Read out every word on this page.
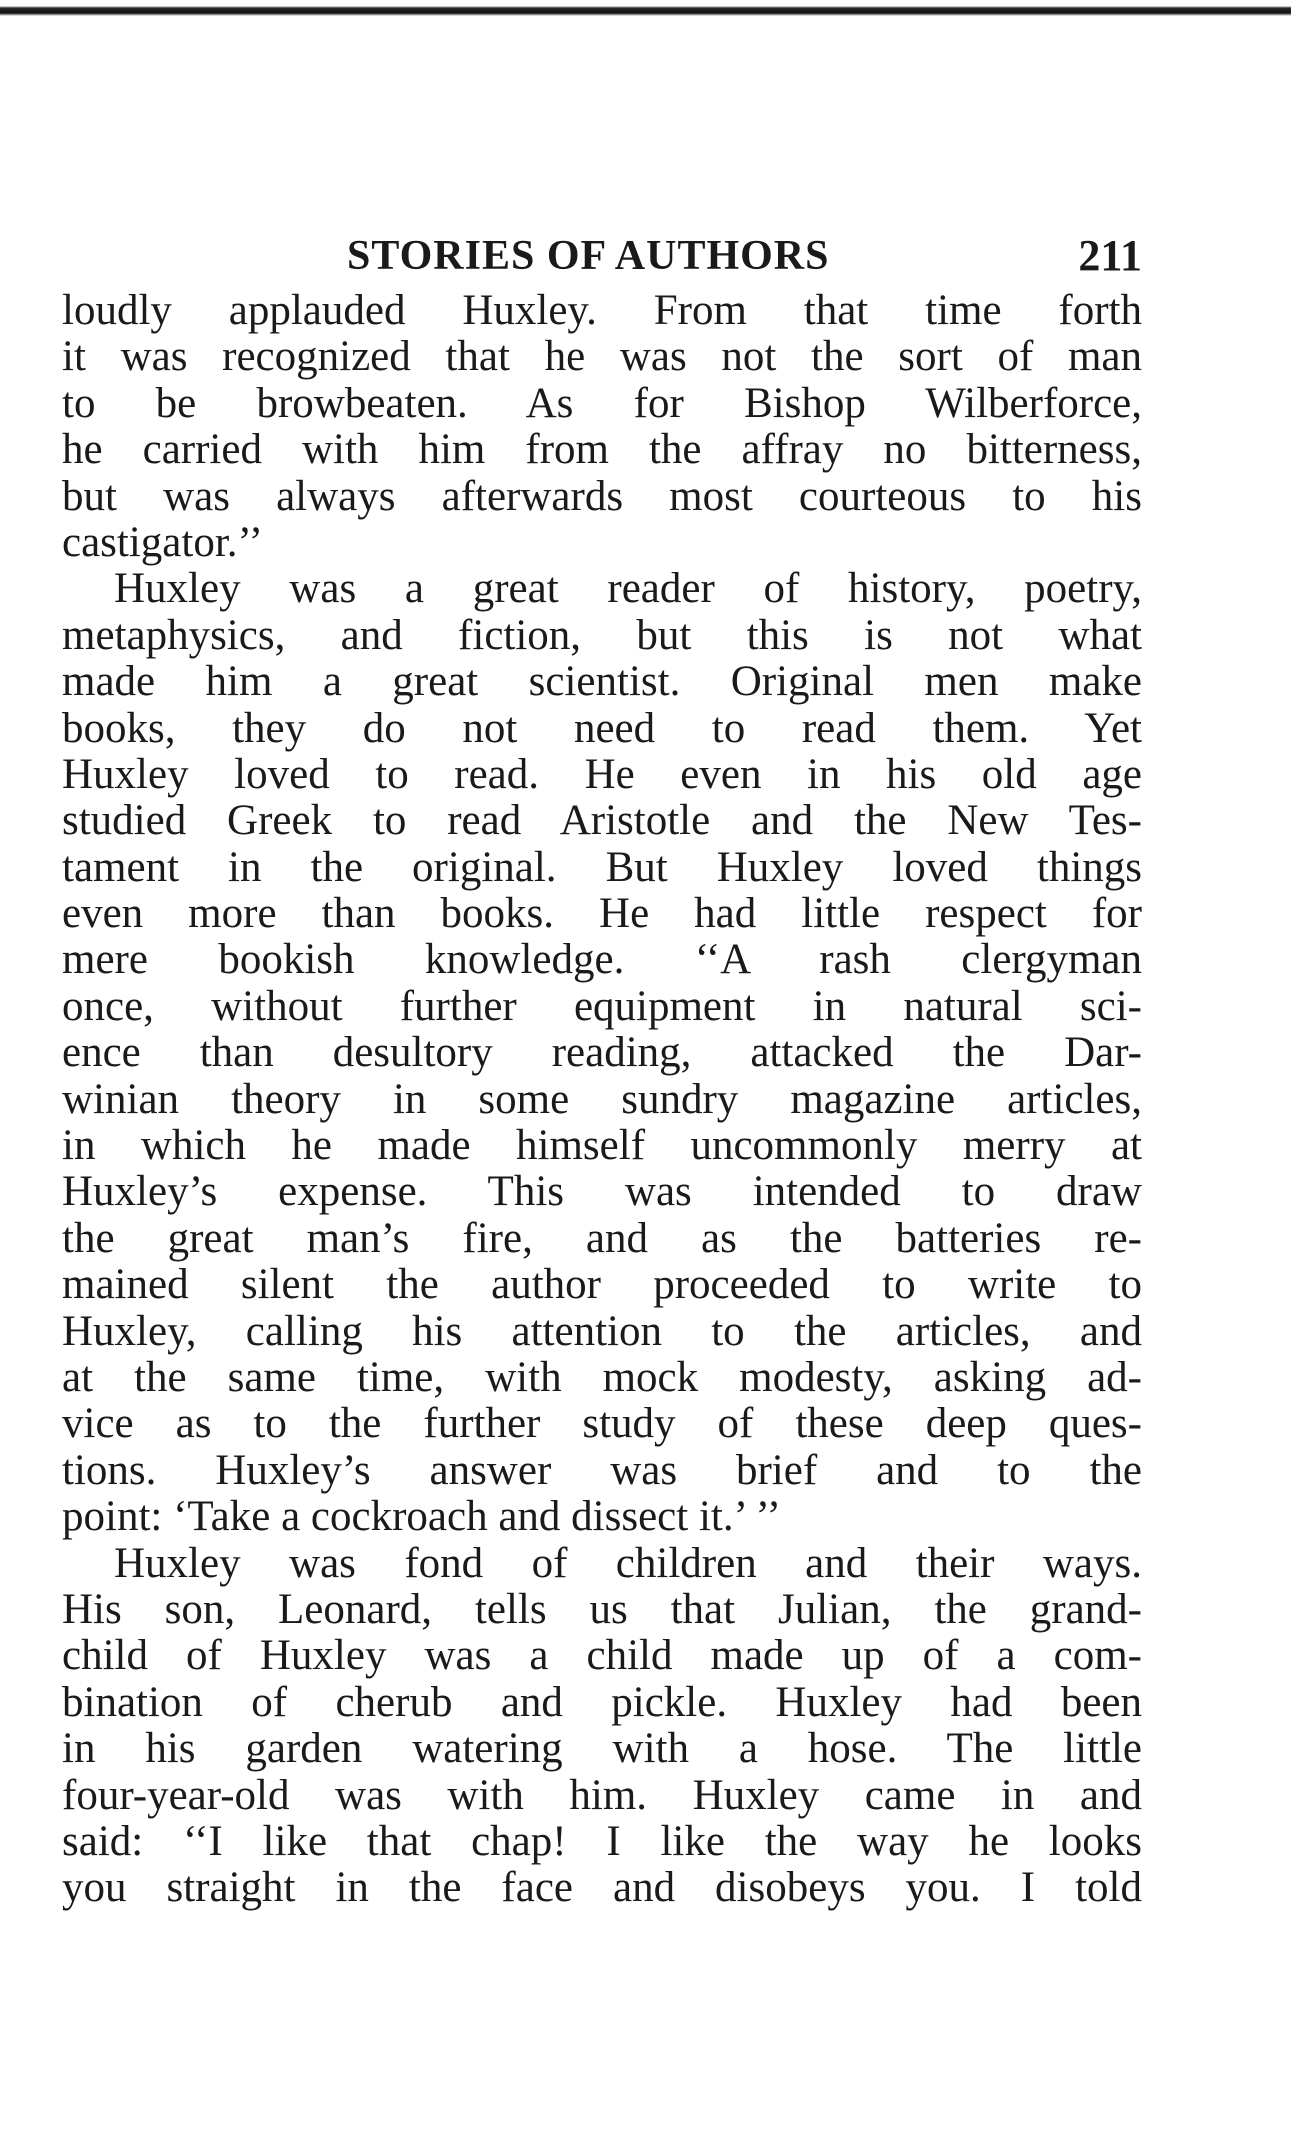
STORIES OF AUTHORS	211
loudly applauded Huxley. From that time forth
it was recognized that he was not the sort of man
to be browbeaten. As for Bishop Wilberforce,
he carried with him from the affray no bitterness,
but was always afterwards most courteous to his
castigator.’’
Huxley was a great reader of history, poetry,
metaphysics, and fiction, but this is not what
made him a great scientist. Original men make
books, they do not need to read them. Yet
Huxley loved to read. He even in his old age
studied Greek to read Aristotle and the New Tes-
tament in the original. But Huxley loved things
even more than books. He had little respect for
mere bookish knowledge. ‘‘A rash clergyman
once, without further equipment in natural sci-
ence than desultory reading, attacked the Dar-
winian theory in some sundry magazine articles,
in which he made himself uncommonly merry at
Huxley’s expense. This was intended to draw
the great man’s fire, and as the batteries re-
mained silent the author proceeded to write to
Huxley, calling his attention to the articles, and
at the same time, with mock modesty, asking ad-
vice as to the further study of these deep ques-
tions. Huxley’s answer was brief and to the
point: ‘Take a cockroach and dissect it.’ ’’
Huxley was fond of children and their ways.
His son, Leonard, tells us that Julian, the grand-
child of Huxley was a child made up of a com-
bination of cherub and pickle. Huxley had been
in his garden watering with a hose. The little
four-year-old was with him. Huxley came in and
said: ‘‘I like that chap! I like the way he looks
you straight in the face and disobeys you. I told
